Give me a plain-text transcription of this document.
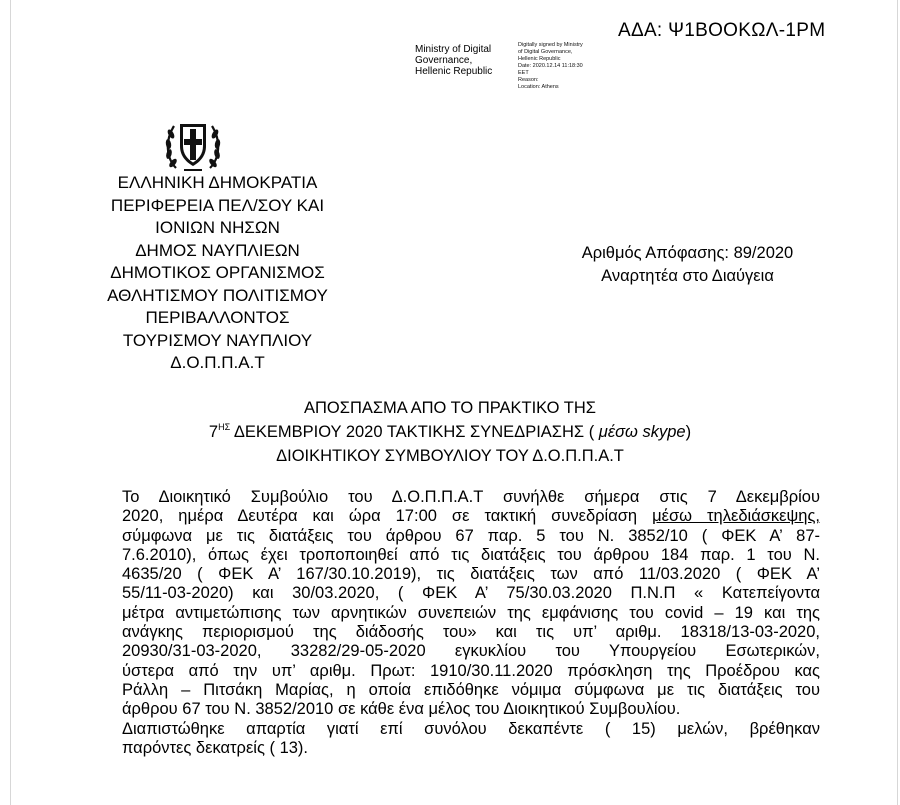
ΑΔΑ: Ψ1ΒΟΟΚΩΛ-1ΡΜ
Ministry of Digital
Governance,
Hellenic Republic
Digitally signed by Ministry
of Digital Governance,
Hellenic Republic
Date: 2020.12.14 11:18:30
EET
Reason:
Location: Athens
ΕΛΛΗΝΙΚΗ ΔΗΜΟΚΡΑΤΙΑ
ΠΕΡΙΦΕΡΕΙΑ ΠΕΛ/ΣΟΥ ΚΑΙ
ΙΟΝΙΩΝ ΝΗΣΩΝ
ΔΗΜΟΣ ΝΑΥΠΛΙΕΩΝ
ΔΗΜΟΤΙΚΟΣ ΟΡΓΑΝΙΣΜΟΣ
ΑΘΛΗΤΙΣΜΟΥ ΠΟΛΙΤΙΣΜΟΥ
ΠΕΡΙΒΑΛΛΟΝΤΟΣ
ΤΟΥΡΙΣΜΟΥ ΝΑΥΠΛΙΟΥ
Δ.Ο.Π.Π.Α.Τ
Αριθμός Απόφασης: 89/2020
Αναρτητέα στο Διαύγεια
ΑΠΟΣΠΑΣΜΑ ΑΠΟ ΤΟ ΠΡΑΚΤΙΚΟ ΤΗΣ
$7^{H\Sigma}$ ΔΕΚΕΜΒΡΙΟΥ 2020 ΤΑΚΤΙΚΗΣ ΣΥΝΕΔΡΙΑΣΗΣ ( μέσω skype)
ΔΙΟΙΚΗΤΙΚΟΥ ΣΥΜΒΟΥΛΙΟΥ ΤΟΥ Δ.Ο.Π.Π.Α.Τ

Το Διοικητικό Συμβούλιο του Δ.Ο.Π.Π.Α.Τ συνήλθε σήμερα στις 7 Δεκεμβρίου
2020, ημέρα Δευτέρα και ώρα 17:00 σε τακτική συνεδρίαση μέσω τηλεδιάσκεψης,
σύμφωνα με τις διατάξεις του άρθρου 67 παρ. 5 του Ν. 3852/10 ( ΦΕΚ Α’ 87-
7.6.2010), όπως έχει τροποποιηθεί από τις διατάξεις του άρθρου 184 παρ. 1 του Ν.
4635/20 ( ΦΕΚ Α’ 167/30.10.2019), τις διατάξεις των από 11/03.2020 ( ΦΕΚ Α’
55/11-03-2020) και 30/03.2020, ( ΦΕΚ Α’ 75/30.03.2020 Π.Ν.Π « Κατεπείγοντα
μέτρα αντιμετώπισης των αρνητικών συνεπειών της εμφάνισης του covid – 19 και της
ανάγκης περιορισμού της διάδοσής του» και τις υπ’ αριθμ. 18318/13-03-2020,
20930/31-03-2020, 33282/29-05-2020 εγκυκλίου του Υπουργείου Εσωτερικών,
ύστερα από την υπ’ αριθμ. Πρωτ: 1910/30.11.2020 πρόσκληση της Προέδρου κας
Ράλλη – Πιτσάκη Μαρίας, η οποία επιδόθηκε νόμιμα σύμφωνα με τις διατάξεις του
άρθρου 67 του Ν. 3852/2010 σε κάθε ένα μέλος του Διοικητικού Συμβουλίου.

Διαπιστώθηκε απαρτία γιατί επί συνόλου δεκαπέντε ( 15) μελών, βρέθηκαν
παρόντες δεκατρείς ( 13).
